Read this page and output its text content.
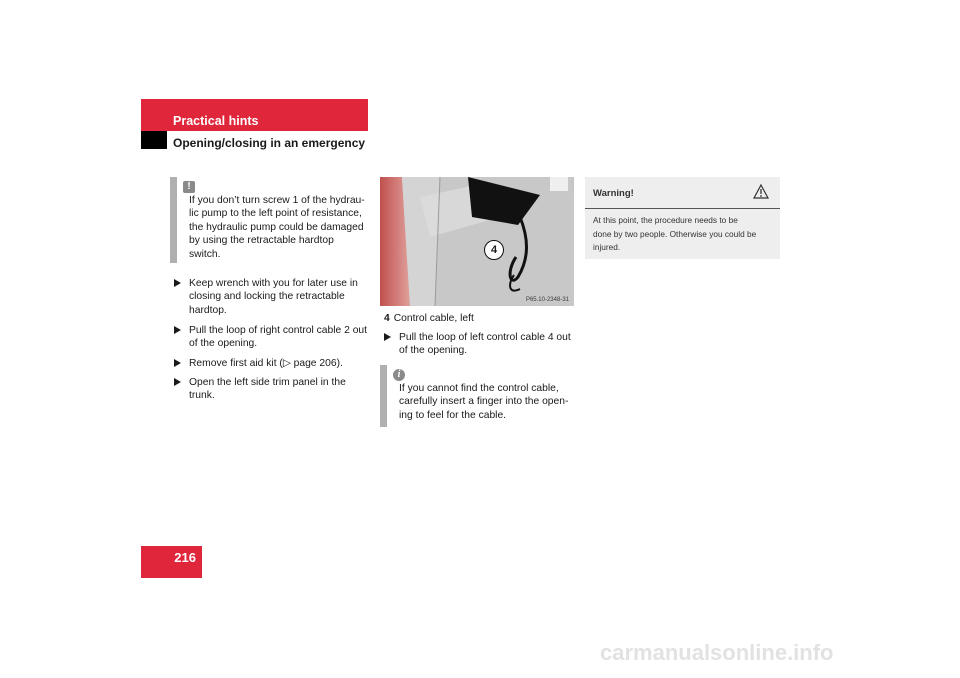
Practical hints
Opening/closing in an emergency
!
If you don’t turn screw 1 of the hydrau-
lic pump to the left point of resistance,
the hydraulic pump could be damaged
by using the retractable hardtop
switch.
Keep wrench with you for later use in
closing and locking the retractable
hardtop.
Pull the loop of right control cable 2 out
of the opening.
Remove first aid kit (▷ page 206).
Open the left side trim panel in the
trunk.
4
P65.10-2348-31
4 Control cable, left
Pull the loop of left control cable 4 out
of the opening.
i
If you cannot find the control cable,
carefully insert a finger into the open-
ing to feel for the cable.
Warning!
At this point, the procedure needs to be
done by two people. Otherwise you could be
injured.
216
carmanualsonline.info
